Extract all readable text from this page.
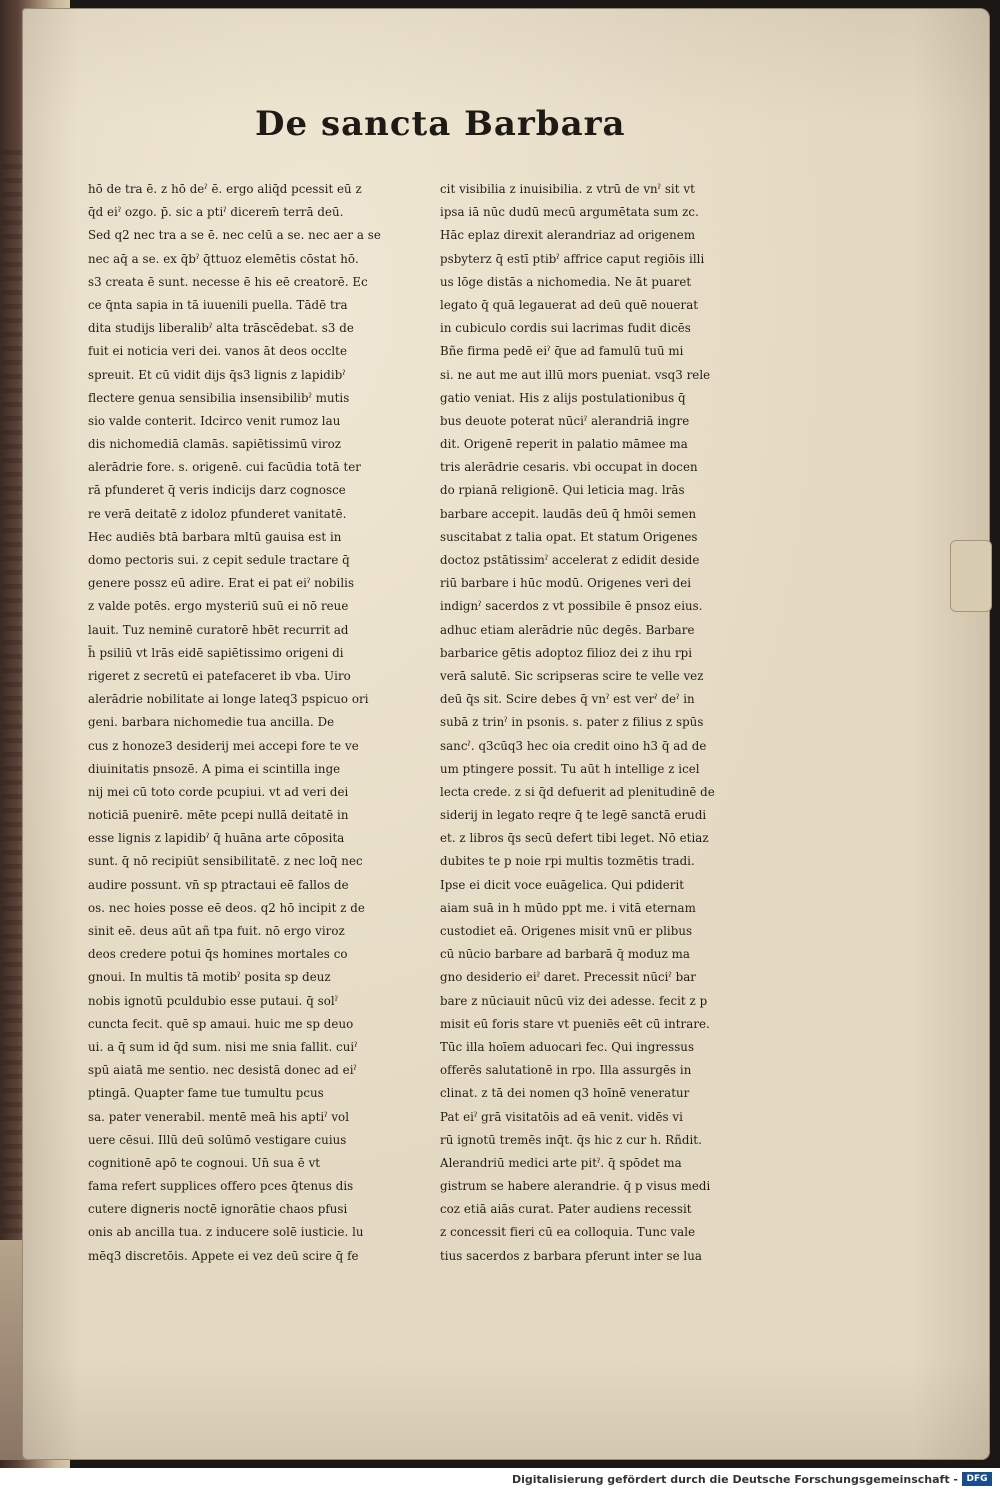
De sancta Barbara
hō de tra ē. z hō deˀ ē. ergo aliq̄d pcessit eū z
q̄d eiˀ ozgo. p̄. sic a ptiˀ dicerem̄ terrā deū.
Sed q2 nec tra a se ē. nec celū a se. nec aer a se
nec aq̄ a se. ex q̄bˀ q̄ttuoz elemētis cōstat hō.
s3 creata ē sunt. necesse ē his eē creatorē. Ec
ce q̄nta sapia in tā iuuenili puella. Tādē tra
dita studijs liberalibˀ alta trāscēdebat. s3 de
fuit ei noticia veri dei. vanos āt deos occlte
spreuit. Et cū vidit dijs q̄s3 lignis z lapidibˀ
flectere genua sensibilia insensibilibˀ mutis
sio valde conterit. Idcirco venit rumoz lau
dis nichomediā clamās. sapiētissimū viroz
alerādrie fore. s. origenē. cui facūdia totā ter
rā pfunderet q̄ veris indicijs darz cognosce
re verā deitatē z idoloz pfunderet vanitatē.
Hec audiēs btā barbara mltū gauisa est in
domo pectoris sui. z cepit sedule tractare q̄
genere possz eū adire. Erat ei pat eiˀ nobilis
z valde potēs. ergo mysteriū suū ei nō reue
lauit. Tuz neminē curatorē hbēt recurrit ad
h̄ psiliū vt lrās eidē sapiētissimo origeni di
rigeret z secretū ei patefaceret ib vba. Uiro
alerādrie nobilitate ai longe lateq3 pspicuo ori
geni. barbara nichomedie tua ancilla. De
cus z honoze3 desiderij mei accepi fore te ve
diuinitatis pnsozē. A pima ei scintilla inge
nij mei cū toto corde pcupiui. vt ad veri dei
noticiā puenirē. mēte pcepi nullā deitatē in
esse lignis z lapidibˀ q̄ huāna arte cōposita
sunt. q̄ nō recipiūt sensibilitatē. z nec loq̄ nec
audire possunt. vn̄ sp ptractaui eē fallos de
os. nec hoies posse eē deos. q2 hō incipit z de
sinit eē. deus aūt añ tpa fuit. nō ergo viroz
deos credere potui q̄s homines mortales co
gnoui. In multis tā motibˀ posita sp deuz
nobis ignotū pculdubio esse putaui. q̄ solˀ
cuncta fecit. quē sp amaui. huic me sp deuo
ui. a q̄ sum id q̄d sum. nisi me snia fallit. cuiˀ
spū aiatā me sentio. nec desistā donec ad eiˀ
ptingā. Quapter fame tue tumultu pcus
sa. pater venerabil. mentē meā his aptiˀ vol
uere cēsui. Illū deū solūmō vestigare cuius
cognitionē apō te cognoui. Un̄ sua ē vt
fama refert supplices offero pces q̄tenus dis
cutere digneris noctē ignorātie chaos pfusi
onis ab ancilla tua. z inducere solē iusticie. lu
mēq3 discretōis. Appete ei vez deū scire q̄ fe
cit visibilia z inuisibilia. z vtrū de vnˀ sit vt
ipsa iā nūc dudū mecū argumētata sum zc.
Hāc eplaz direxit alerandriaz ad origenem
psbyterz q̄ estī ptibˀ affrice caput regiōis illi
us lōge distās a nichomedia. Ne āt puaret
legato q̄ quā legauerat ad deū quē nouerat
in cubiculo cordis sui lacrimas fudit dicēs
Bñe firma pedē eiˀ q̄ue ad famulū tuū mi
si. ne aut me aut illū mors pueniat. vsq3 rele
gatio veniat. His z alijs postulationibus q̄
bus deuote poterat nūciˀ alerandriā ingre
dit. Origenē reperit in palatio māmee ma
tris alerādrie cesaris. vbi occupat in docen
do rpianā religionē. Qui leticia mag. lrās
barbare accepit. laudās deū q̄ hmōi semen
suscitabat z talia opat. Et statum Origenes
doctoz pstātissimˀ accelerat z edidit deside
riū barbare i hūc modū. Origenes veri dei
indignˀ sacerdos z vt possibile ē pnsoz eius.
adhuc etiam alerādrie nūc degēs. Barbare
barbarice gētis adoptoz filioz dei z ihu rpi
verā salutē. Sic scripseras scire te velle vez
deū q̄s sit. Scire debes q̄ vnˀ est verˀ deˀ in
subā z trinˀ in psonis. s. pater z filius z spūs
sancˀ. q3cūq3 hec oia credit oino h3 q̄ ad de
um ptingere possit. Tu aūt h intellige z icel
lecta crede. z si q̄d defuerit ad plenitudinē de
siderij in legato reqre q̄ te legē sanctā erudi
et. z libros q̄s secū defert tibi leget. Nō etiaz
dubites te p noie rpi multis tozmētis tradi.
Ipse ei dicit voce euāgelica. Qui pdiderit
aiam suā in h mūdo ppt me. i vitā eternam
custodiet eā. Origenes misit vnū er plibus
cū nūcio barbare ad barbarā q̄ moduz ma
gno desiderio eiˀ daret. Precessit nūciˀ bar
bare z nūciauit nūcū viz dei adesse. fecit z p
misit eū foris stare vt pueniēs eēt cū intrare.
Tūc illa hoīem aduocari fec. Qui ingressus
offerēs salutationē in rpo. Illa assurgēs in
clinat. z tā dei nomen q3 hoīnē veneratur
Pat eiˀ grā visitatōis ad eā venit. vidēs vi
rū ignotū tremēs inq̄t. q̄s hic z cur h. Rñdit.
Alerandriū medici arte pitˀ. q̄ spōdet ma
gistrum se habere alerandrie. q̄ p visus medi
coz etiā aiās curat. Pater audiens recessit
z concessit fieri cū ea colloquia. Tunc vale
tius sacerdos z barbara pferunt inter se lua
Digitalisierung gefördert durch die Deutsche Forschungsgemeinschaft - DFG
